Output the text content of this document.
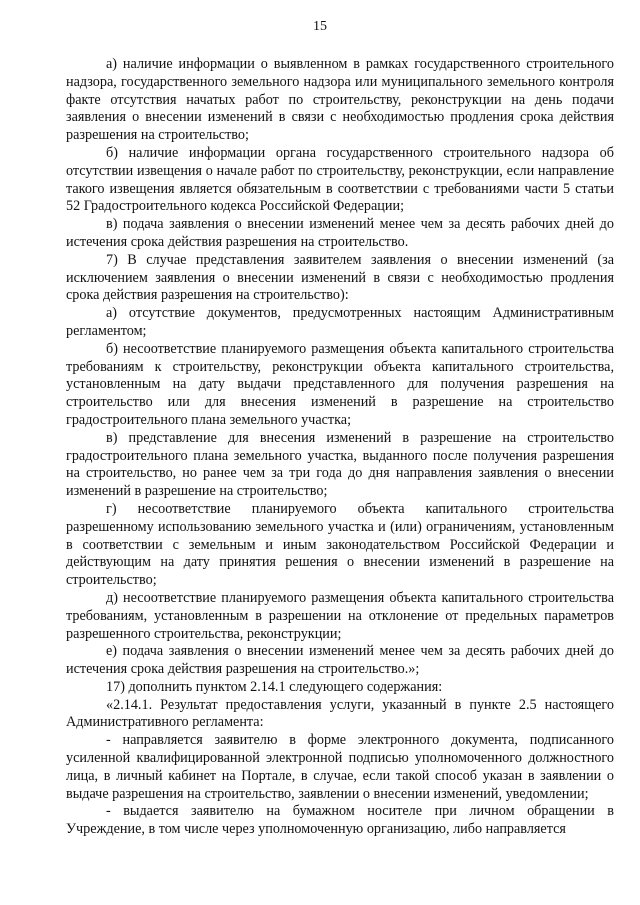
15

а) наличие информации о выявленном в рамках государственного строительного надзора, государственного земельного надзора или муниципального земельного контроля факте отсутствия начатых работ по строительству, реконструкции на день подачи заявления о внесении изменений в связи с необходимостью продления срока действия разрешения на строительство;

б) наличие информации органа государственного строительного надзора об отсутствии извещения о начале работ по строительству, реконструкции, если направление такого извещения является обязательным в соответствии с требованиями части 5 статьи 52 Градостроительного кодекса Российской Федерации;

в) подача заявления о внесении изменений менее чем за десять рабочих дней до истечения срока действия разрешения на строительство.

7) В случае представления заявителем заявления о внесении изменений (за исключением заявления о внесении изменений в связи с необходимостью продления срока действия разрешения на строительство):

а) отсутствие документов, предусмотренных настоящим Административным регламентом;

б) несоответствие планируемого размещения объекта капитального строительства требованиям к строительству, реконструкции объекта капитального строительства, установленным на дату выдачи представленного для получения разрешения на строительство или для внесения изменений в разрешение на строительство градостроительного плана земельного участка;

в) представление для внесения изменений в разрешение на строительство градостроительного плана земельного участка, выданного после получения разрешения на строительство, но ранее чем за три года до дня направления заявления о внесении изменений в разрешение на строительство;

г) несоответствие планируемого объекта капитального строительства разрешенному использованию земельного участка и (или) ограничениям, установленным в соответствии с земельным и иным законодательством Российской Федерации и действующим на дату принятия решения о внесении изменений в разрешение на строительство;

д) несоответствие планируемого размещения объекта капитального строительства требованиям, установленным в разрешении на отклонение от предельных параметров разрешенного строительства, реконструкции;

е) подача заявления о внесении изменений менее чем за десять рабочих дней до истечения срока действия разрешения на строительство.»;

17) дополнить пунктом 2.14.1 следующего содержания:

«2.14.1. Результат предоставления услуги, указанный в пункте 2.5 настоящего Административного регламента:

- направляется заявителю в форме электронного документа, подписанного усиленной квалифицированной электронной подписью уполномоченного должностного лица, в личный кабинет на Портале, в случае, если такой способ указан в заявлении о выдаче разрешения на строительство, заявлении о внесении изменений, уведомлении;

- выдается заявителю на бумажном носителе при личном обращении в Учреждение, в том числе через уполномоченную организацию, либо направляется
